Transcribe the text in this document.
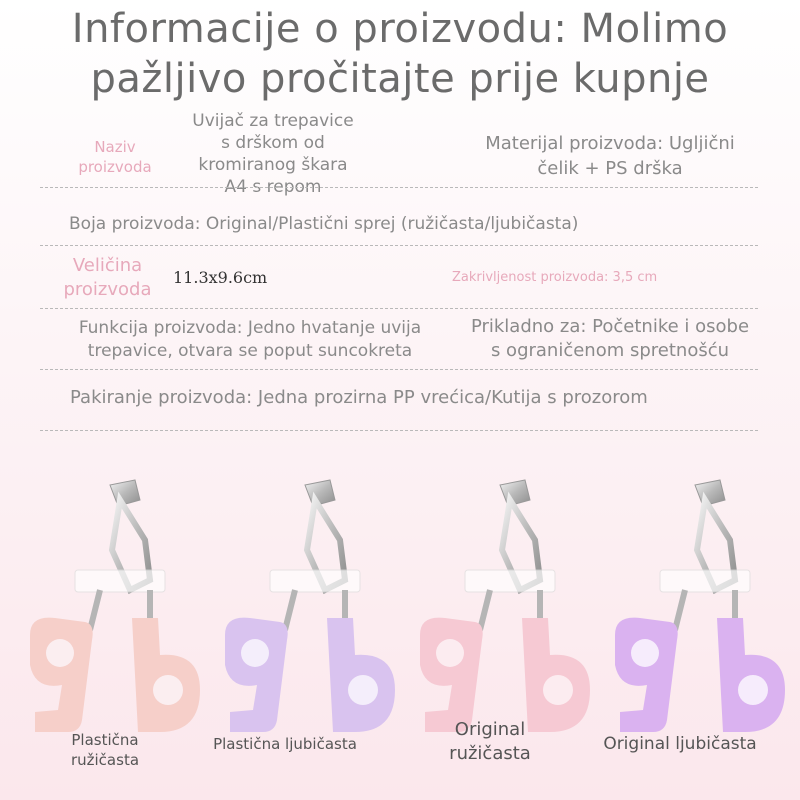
Informacije o proizvodu: Molimo
pažljivo pročitajte prije kupnje
Naziv
proizvoda
Uvijač za trepavice
s drškom od
kromiranog škara
A4 s repom
Materijal proizvoda: Ugljični
čelik + PS drška
Boja proizvoda: Original/Plastični sprej (ružičasta/ljubičasta)
Veličina
proizvoda
11.3x9.6cm	Zakrivljenost proizvoda: 3,5 cm
Funkcija proizvoda: Jedno hvatanje uvija
trepavice, otvara se poput suncokreta
Prikladno za: Početnike i osobe
s ograničenom spretnošću
Pakiranje proizvoda: Jedna prozirna PP vrećica/Kutija s prozorom
Plastična
ružičasta
Plastična ljubičasta
Original
ružičasta	Original ljubičasta
